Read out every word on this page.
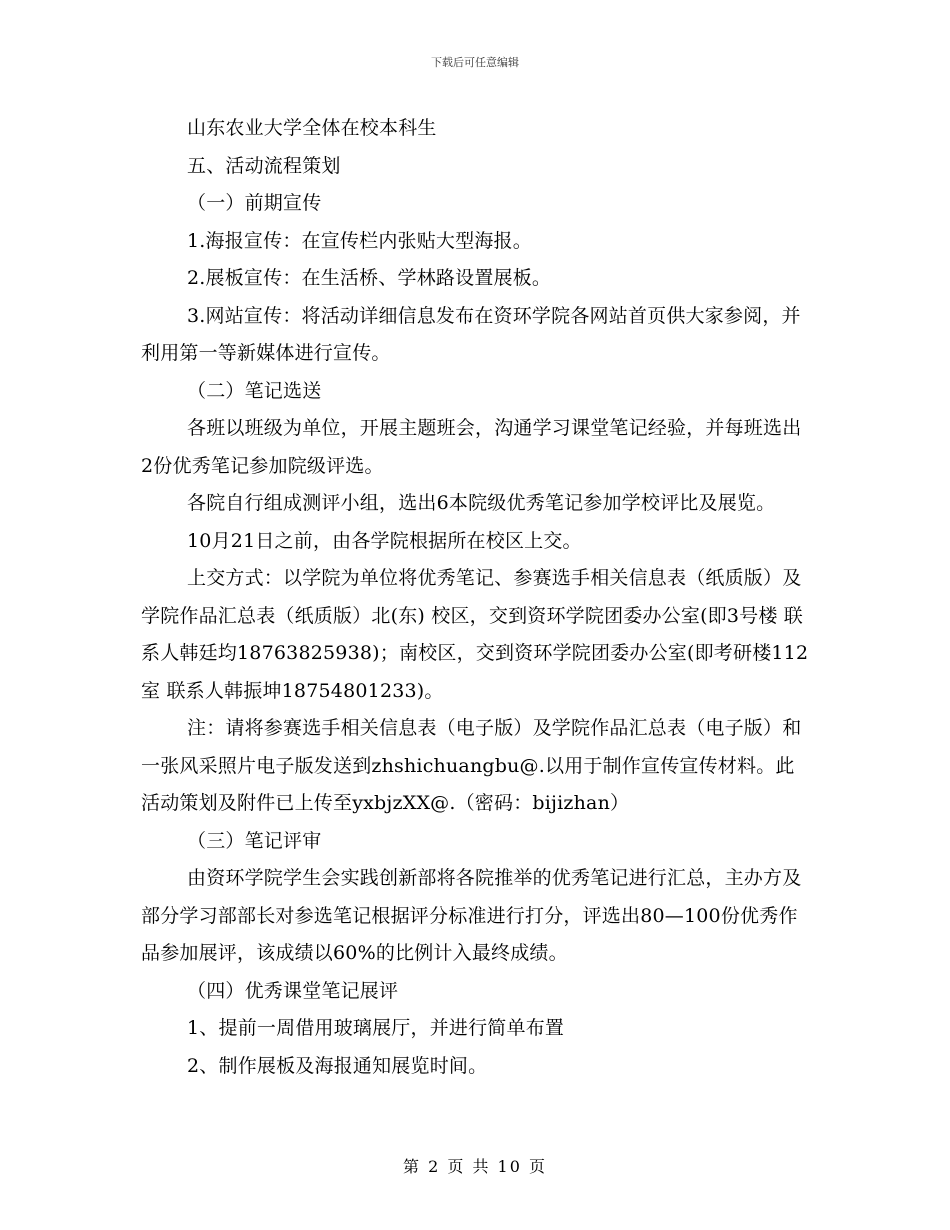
下载后可任意编辑

山东农业大学全体在校本科生

五、活动流程策划

（一）前期宣传

1.海报宣传：在宣传栏内张贴大型海报。

2.展板宣传：在生活桥、学林路设置展板。

3.网站宣传：将活动详细信息发布在资环学院各网站首页供大家参阅，并利用第一等新媒体进行宣传。

（二）笔记选送

各班以班级为单位，开展主题班会，沟通学习课堂笔记经验，并每班选出2份优秀笔记参加院级评选。

各院自行组成测评小组，选出6本院级优秀笔记参加学校评比及展览。

10月21日之前，由各学院根据所在校区上交。

上交方式：以学院为单位将优秀笔记、参赛选手相关信息表（纸质版）及学院作品汇总表（纸质版）北(东) 校区，交到资环学院团委办公室(即3号楼 联系人韩廷均18763825938)；南校区，交到资环学院团委办公室(即考研楼112室 联系人韩振坤18754801233)。

注：请将参赛选手相关信息表（电子版）及学院作品汇总表（电子版）和一张风采照片电子版发送到zhshichuangbu@.以用于制作宣传宣传材料。此活动策划及附件已上传至yxbjzXX@.（密码：bijizhan）

（三）笔记评审

由资环学院学生会实践创新部将各院推举的优秀笔记进行汇总，主办方及部分学习部部长对参选笔记根据评分标准进行打分，评选出80—100份优秀作品参加展评，该成绩以60%的比例计入最终成绩。

（四）优秀课堂笔记展评

1、提前一周借用玻璃展厅，并进行简单布置

2、制作展板及海报通知展览时间。

第 2 页 共 10 页
